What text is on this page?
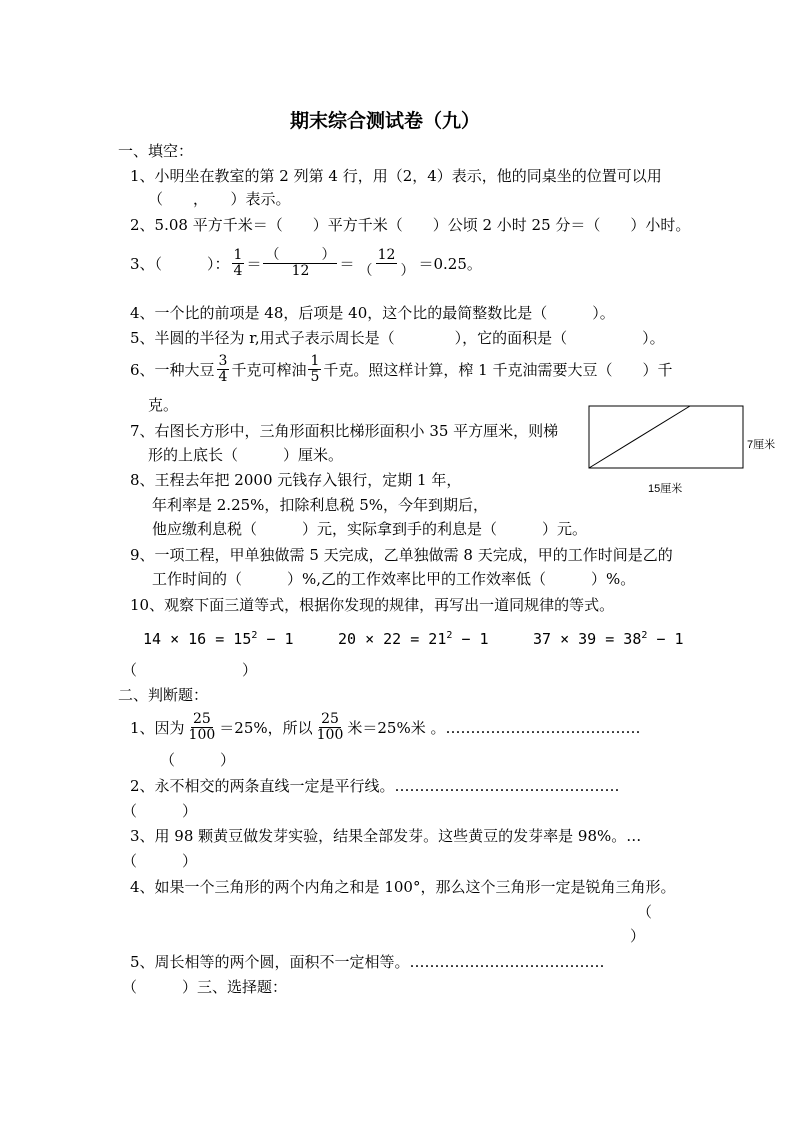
期末综合测试卷（九）
一、填空：
1、小明坐在教室的第 2 列第 4 行，用（2，4）表示，他的同桌坐的位置可以用
（　　，　　）表示。
2、5.08 平方千米＝（　　）平方千米（　　）公顷 2 小时 25 分＝（　　）小时。
3、（　　　）： $\frac{1}{4} = \frac{( )}{12} = \frac{12}{( )} =0.25$。
4、一个比的前项是 48，后项是 40，这个比的最简整数比是（　　　）。
5、半圆的半径为 r,用式子表示周长是（　　　　），它的面积是（　　　　　）。
6、一种大豆 $\frac{3}{4}$ 千克可榨油 $\frac{1}{5}$ 千克。照这样计算，榨 1 千克油需要大豆（　　）千
克。
7、右图长方形中，三角形面积比梯形面积小 35 平方厘米，则梯
形的上底长（　　　）厘米。
7厘米
15厘米
8、王程去年把 2000 元钱存入银行，定期 1 年，
年利率是 2.25%，扣除利息税 5%，今年到期后，
他应缴利息税（　　　）元，实际拿到手的利息是（　　　）元。
9、一项工程，甲单独做需 5 天完成，乙单独做需 8 天完成，甲的工作时间是乙的
工作时间的（　　　）%,乙的工作效率比甲的工作效率低（　　　）%。
10、观察下面三道等式，根据你发现的规律，再写出一道同规律的等式。
$14 \times 16 = 15^2 - 1$	$20 \times 22 = 21^2 - 1$	$37 \times 39 = 38^2 - 1$
（　　　　　　　）
二、判断题：
1、因为 $\frac{25}{100} =25\%$，所以 $\frac{25}{100}$ 米＝25%米 。…………………………………
（　　　）
2、永不相交的两条直线一定是平行线。………………………………………
（　　　）
3、用 98 颗黄豆做发芽实验，结果全部发芽。这些黄豆的发芽率是 98%。…
（　　　）
4、如果一个三角形的两个内角之和是 100°，那么这个三角形一定是锐角三角形。
（
）
5、周长相等的两个圆，面积不一定相等。…………………………………
（　　　）三、选择题：
